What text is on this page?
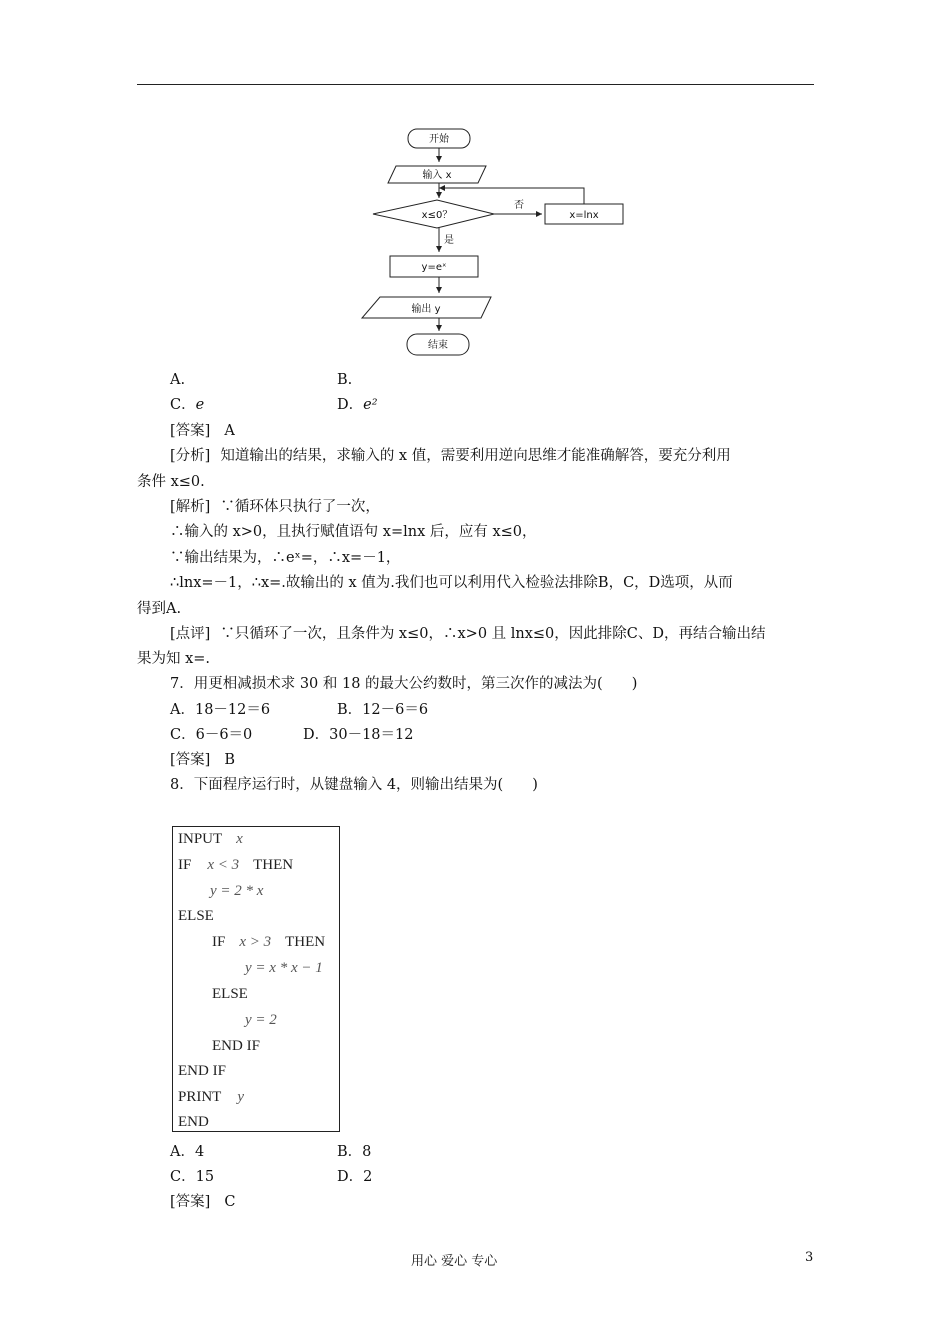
开始
输入 x
x≤0？
否
x=lnx
是
y=eˣ
输出 y
结束
A.	B.
C．e	D．e²
[答案] A
[分析] 知道输出的结果，求输入的 x 值，需要利用逆向思维才能准确解答，要充分利用
条件 x≤0.
[解析] ∵循环体只执行了一次，
∴输入的 x>0，且执行赋值语句 x=lnx 后，应有 x≤0，
∵输出结果为，∴eˣ=，∴x=－1，
∴lnx=－1，∴x=.故输出的 x 值为.我们也可以利用代入检验法排除B，C，D选项，从而
得到A.
[点评] ∵只循环了一次，且条件为 x≤0，∴x>0 且 lnx≤0，因此排除C、D，再结合输出结
果为知 x=.
7．用更相减损术求 30 和 18 的最大公约数时，第三次作的减法为(　　)
A．18－12＝6	B．12－6＝6
C．6－6＝0	D．30－18＝12
[答案] B
8．下面程序运行时，从键盘输入 4，则输出结果为(　　)
INPUT x
IF x < 3 THEN
y = 2 * x
ELSE
IF x > 3 THEN
y = x * x − 1
ELSE
y = 2
END IF
END IF
PRINT y
END
A．4	B．8
C．15	D．2
[答案] C
用心 爱心 专心	3
